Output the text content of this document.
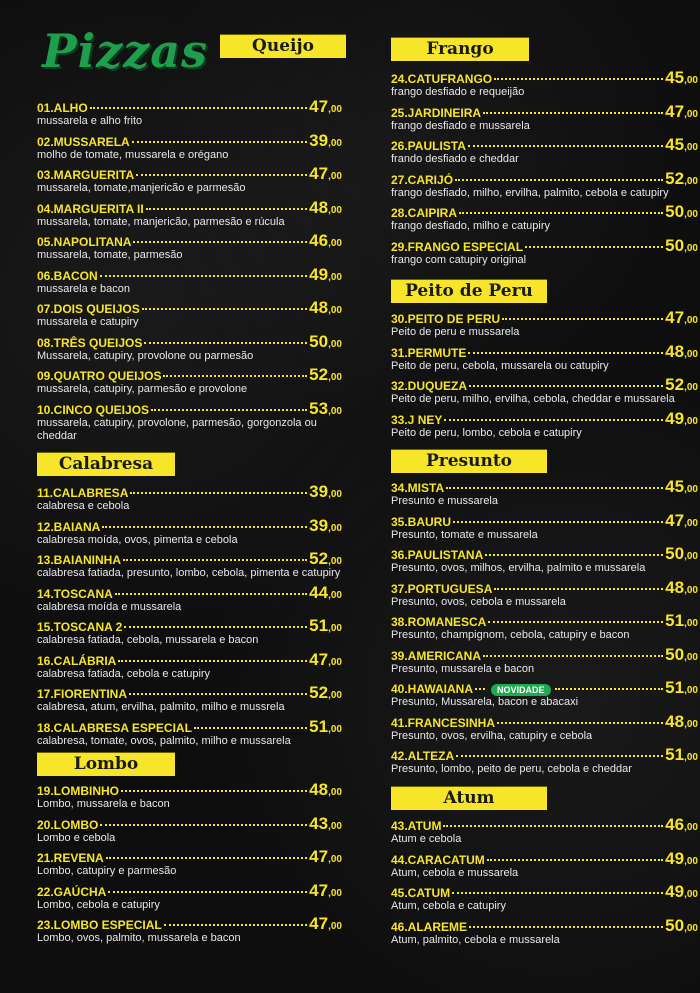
Pizzas	Queijo
01.ALHO	47,00
mussarela e alho frito
02.MUSSARELA	39,00
molho de tomate, mussarela e orégano
03.MARGUERITA	47,00
mussarela, tomate,manjericão e parmesão
04.MARGUERITA II	48,00
mussarela, tomate, manjericão, parmesão e rúcula
05.NAPOLITANA	46,00
mussarela, tomate, parmesão
06.BACON	49,00
mussarela e bacon
07.DOIS QUEIJOS	48,00
mussarela e catupiry
08.TRÊS QUEIJOS	50,00
Mussarela, catupiry, provolone ou parmesão
09.QUATRO QUEIJOS	52,00
mussarela, catupiry, parmesão e provolone
10.CINCO QUEIJOS	53,00
mussarela, catupiry, provolone, parmesão, gorgonzola ou cheddar
Calabresa
11.CALABRESA	39,00
calabresa e cebola
12.BAIANA	39,00
calabresa moída, ovos, pimenta e cebola
13.BAIANINHA	52,00
calabresa fatiada, presunto, lombo, cebola, pimenta e catupiry
14.TOSCANA	44,00
calabresa moída e mussarela
15.TOSCANA 2	51,00
calabresa fatiada, cebola, mussarela e bacon
16.CALÁBRIA	47,00
calabresa fatiada, cebola e catupiry
17.FIORENTINA	52,00
calabresa, atum, ervilha, palmito, milho e mussrela
18.CALABRESA ESPECIAL	51,00
calabresa, tomate, ovos, palmito, milho e mussarela
Lombo
19.LOMBINHO	48,00
Lombo, mussarela e bacon
20.LOMBO	43,00
Lombo e cebola
21.REVENA	47,00
Lombo, catupiry e parmesão
22.GAÚCHA	47,00
Lombo, cebola e catupiry
23.LOMBO ESPECIAL	47,00
Lombo, ovos, palmito, mussarela e bacon
Frango
24.CATUFRANGO	45,00
frango desfiado e requeijão
25.JARDINEIRA	47,00
frango desfiado e mussarela
26.PAULISTA	45,00
frando desfiado e cheddar
27.CARIJÓ	52,00
frango desfiado, milho, ervilha, palmito, cebola e catupiry
28.CAIPIRA	50,00
frango desfiado, milho e catupiry
29.FRANGO ESPECIAL	50,00
frango com catupiry original
Peito de Peru
30.PEITO DE PERU	47,00
Peito de peru e mussarela
31.PERMUTE	48,00
Peito de peru, cebola, mussarela ou catupiry
32.DUQUEZA	52,00
Peito de peru, milho, ervilha, cebola, cheddar e mussarela
33.J NEY	49,00
Peito de peru, lombo, cebola e catupiry
Presunto
34.MISTA	45,00
Presunto e mussarela
35.BAURU	47,00
Presunto, tomate e mussarela
36.PAULISTANA	50,00
Presunto, ovos, milhos, ervilha, palmito e mussarela
37.PORTUGUESA	48,00
Presunto, ovos, cebola e mussarela
38.ROMANESCA	51,00
Presunto, champignom, cebola, catupiry e bacon
39.AMERICANA	50,00
Presunto, mussarela e bacon
40.HAWAIANA	NOVIDADE	51,00
Presunto, Mussarela, bacon e abacaxi
41.FRANCESINHA	48,00
Presunto, ovos, ervilha, catupiry e cebola
42.ALTEZA	51,00
Presunto, lombo, peito de peru, cebola e cheddar
Atum
43.ATUM	46,00
Atum e cebola
44.CARACATUM	49,00
Atum, cebola e mussarela
45.CATUM	49,00
Atum, cebola e catupiry
46.ALAREME	50,00
Atum, palmito, cebola e mussarela
